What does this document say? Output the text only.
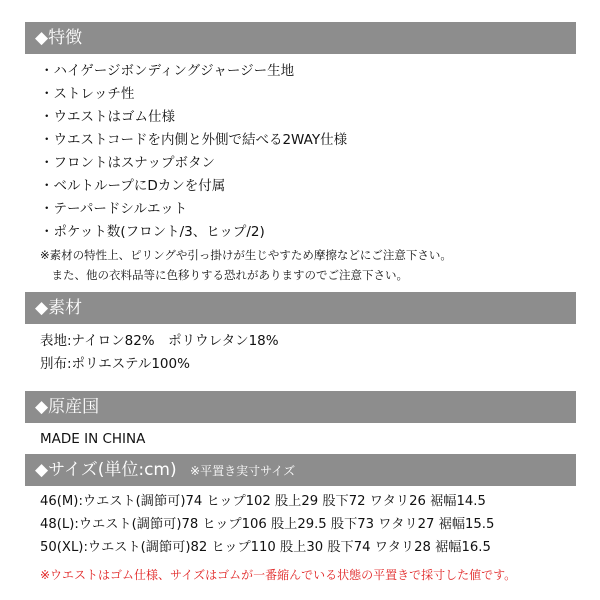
◆特徴
・ハイゲージボンディングジャージー生地
・ストレッチ性
・ウエストはゴム仕様
・ウエストコードを内側と外側で結べる2WAY仕様
・フロントはスナップボタン
・ベルトループにDカンを付属
・テーパードシルエット
・ポケット数(フロント/3、ヒップ/2)
※素材の特性上、ピリングや引っ掛けが生じやすため摩擦などにご注意下さい。
　また、他の衣料品等に色移りする恐れがありますのでご注意下さい。
◆素材
表地:ナイロン82%　ポリウレタン18%
別布:ポリエステル100%
◆原産国
MADE IN CHINA
◆サイズ(単位:cm) ※平置き実寸サイズ
46(M):ウエスト(調節可)74 ヒップ102 股上29 股下72 ワタリ26 裾幅14.5
48(L):ウエスト(調節可)78 ヒップ106 股上29.5 股下73 ワタリ27 裾幅15.5
50(XL):ウエスト(調節可)82 ヒップ110 股上30 股下74 ワタリ28 裾幅16.5
※ウエストはゴム仕様、サイズはゴムが一番縮んでいる状態の平置きで採寸した値です。
